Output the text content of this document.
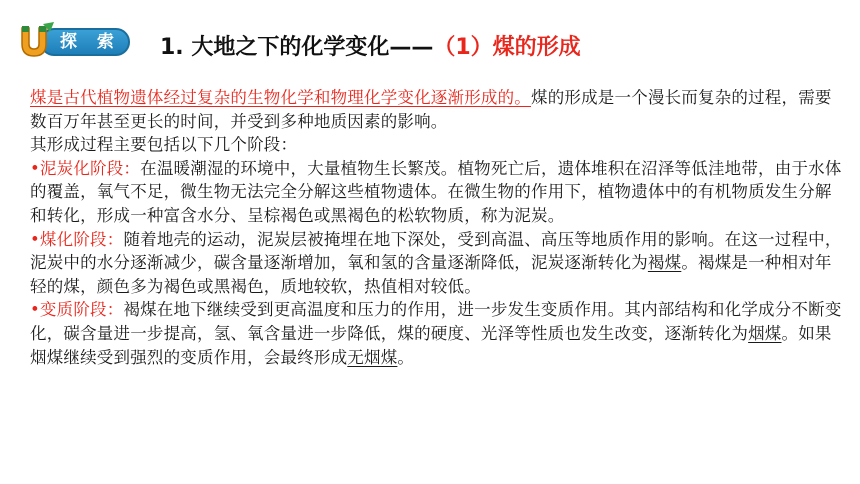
探 索 1. 大地之下的化学变化——（1）煤的形成

煤是古代植物遗体经过复杂的生物化学和物理化学变化逐渐形成的。煤的形成是一个漫长而复杂的过程，需要数百万年甚至更长的时间，并受到多种地质因素的影响。

其形成过程主要包括以下几个阶段：

•泥炭化阶段：在温暖潮湿的环境中，大量植物生长繁茂。植物死亡后，遗体堆积在沼泽等低洼地带，由于水体的覆盖，氧气不足，微生物无法完全分解这些植物遗体。在微生物的作用下，植物遗体中的有机物质发生分解和转化，形成一种富含水分、呈棕褐色或黑褐色的松软物质，称为泥炭。

•煤化阶段：随着地壳的运动，泥炭层被掩埋在地下深处，受到高温、高压等地质作用的影响。在这一过程中，泥炭中的水分逐渐减少，碳含量逐渐增加，氧和氢的含量逐渐降低，泥炭逐渐转化为褐煤。褐煤是一种相对年轻的煤，颜色多为褐色或黑褐色，质地较软，热值相对较低。

•变质阶段：褐煤在地下继续受到更高温度和压力的作用，进一步发生变质作用。其内部结构和化学成分不断变化，碳含量进一步提高，氢、氧含量进一步降低，煤的硬度、光泽等性质也发生改变，逐渐转化为烟煤。如果烟煤继续受到强烈的变质作用，会最终形成无烟煤。
